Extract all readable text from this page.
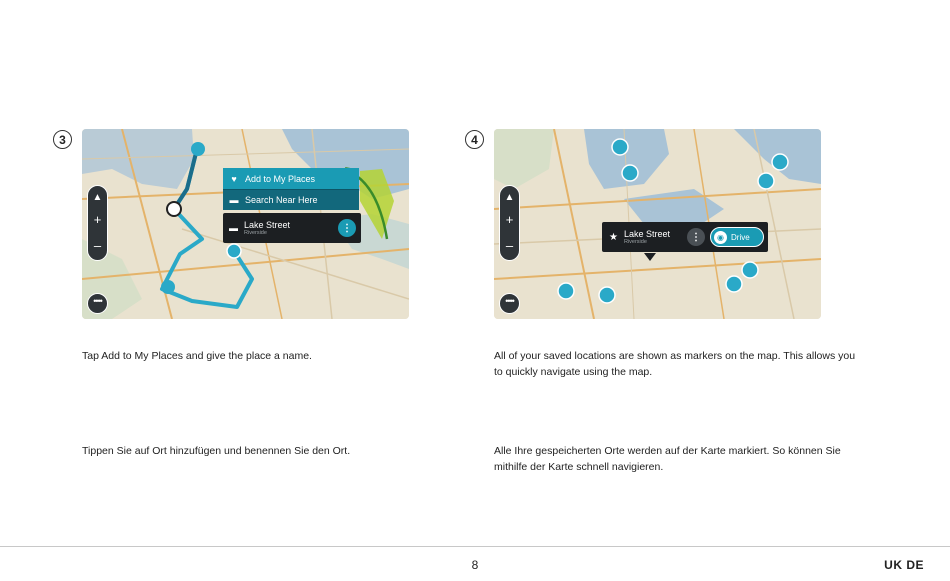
3
▲
+
–
••••
♥ Add to My Places
▬ Search Near Here
▬ Lake Street
Riverside	⋮
Tap Add to My Places and give the place a name.
Tippen Sie auf Ort hinzufügen und benennen Sie den Ort.
4
▲
+
–
••••
★ Lake Street
Riverside	⋮	◉ Drive
All of your saved locations are shown as markers on the map. This allows you to quickly navigate using the map.
Alle Ihre gespeicherten Orte werden auf der Karte markiert. So können Sie mithilfe der Karte schnell navigieren.
8	UK DE
